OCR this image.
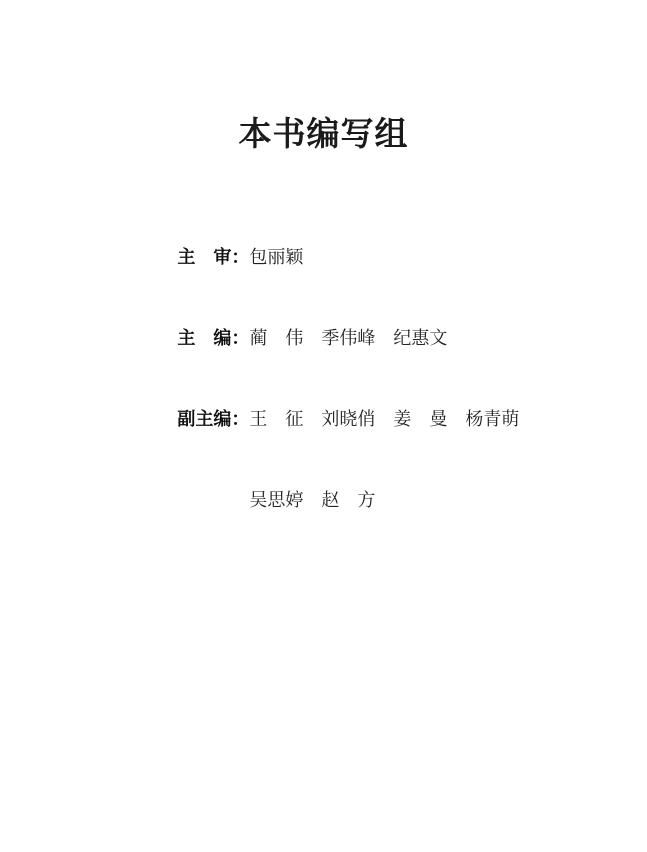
本书编写组

主　审：包丽颖

主　编：蔺　伟　季伟峰　纪惠文

副主编：王　征　刘晓俏　姜　曼　杨青萌

吴思婷　赵　方
